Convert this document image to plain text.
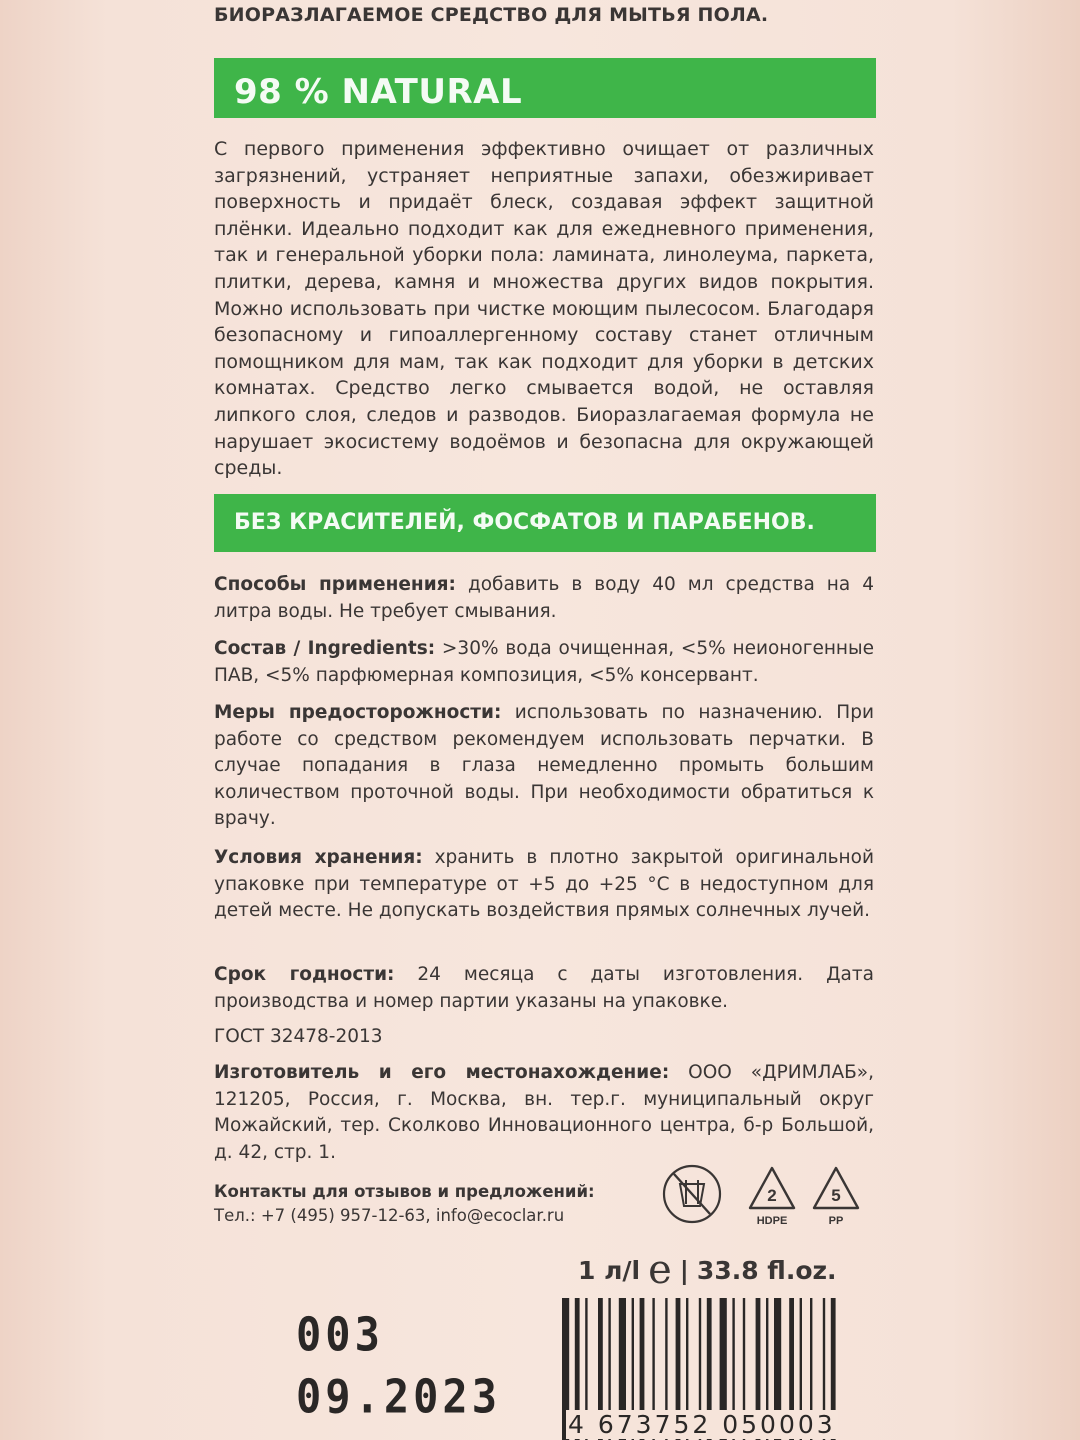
БИОРАЗЛАГАЕМОЕ СРЕДСТВО ДЛЯ МЫТЬЯ ПОЛА.
98 % NATURAL
С первого применения эффективно очищает от различных загрязнений, устраняет неприятные запахи, обезжиривает поверхность и придаёт блеск, создавая эффект защитной плёнки. Идеально подходит как для ежедневного применения, так и генеральной уборки пола: ламината, линолеума, паркета, плитки, дерева, камня и множества других видов покрытия. Можно использовать при чистке моющим пылесосом. Благодаря безопасному и гипоаллергенному составу станет отличным помощником для мам, так как подходит для уборки в детских комнатах. Средство легко смывается водой, не оставляя липкого слоя, следов и разводов. Биоразлагаемая формула не нарушает экосистему водоёмов и безопасна для окружающей среды.
БЕЗ КРАСИТЕЛЕЙ, ФОСФАТОВ И ПАРАБЕНОВ.
Способы применения: добавить в воду 40 мл средства на 4 литра воды. Не требует смывания.
Состав / Ingredients: >30% вода очищенная, <5% неионогенные ПАВ, <5% парфюмерная композиция, <5% консервант.
Меры предосторожности: использовать по назначению. При работе со средством рекомендуем использовать перчатки. В случае попадания в глаза немедленно промыть большим количеством проточной воды. При необходимости обратиться к врачу.
Условия хранения: хранить в плотно закрытой оригинальной упаковке при температуре от +5 до +25 °С в недоступном для детей месте. Не допускать воздействия прямых солнечных лучей.
Срок годности: 24 месяца с даты изготовления. Дата производства и номер партии указаны на упаковке.
ГОСТ 32478-2013
Изготовитель и его местонахождение: ООО «ДРИМЛАБ», 121205, Россия, г. Москва, вн. тер.г. муниципальный округ Можайский, тер. Сколково Инновационного центра, б-р Большой, д. 42, стр. 1.
Контакты для отзывов и предложений:
Тел.: +7 (495) 957-12-63, info@ecoclar.ru
2
HDPE
5
PP
1 л/l e | 33.8 fl.oz.
003
09.2023
4 673752 050003
